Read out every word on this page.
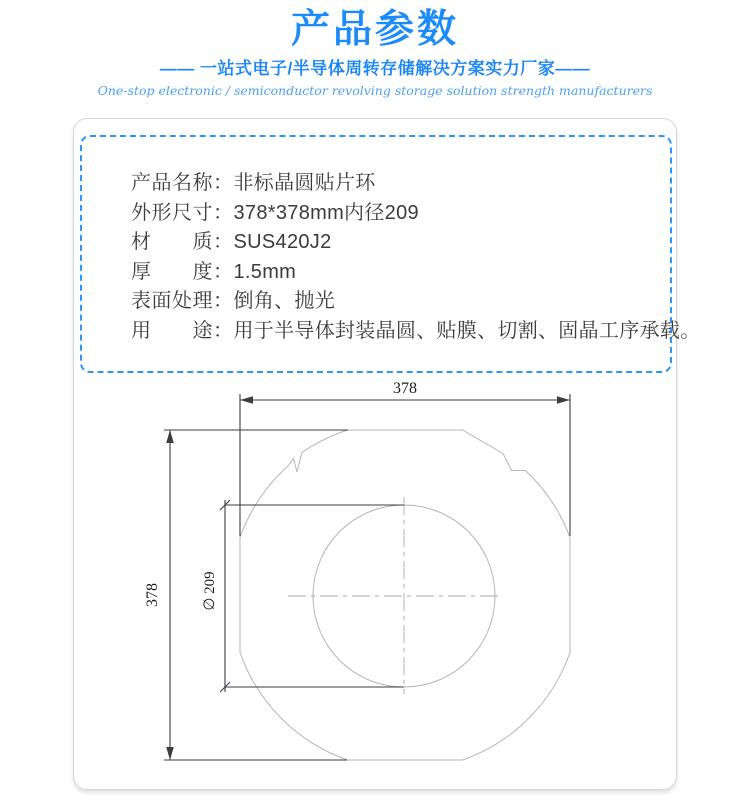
产品参数
—— 一站式电子/半导体周转存储解决方案实力厂家——
One-stop electronic / semiconductor revolving storage solution strength manufacturers
产品名称：非标晶圆贴片环
外形尺寸：378*378mm内径209
材　　质：SUS420J2
厚　　度：1.5mm
表面处理：倒角、抛光
用　　途：用于半导体封装晶圆、贴膜、切割、固晶工序承载。
378
378	∅ 209
